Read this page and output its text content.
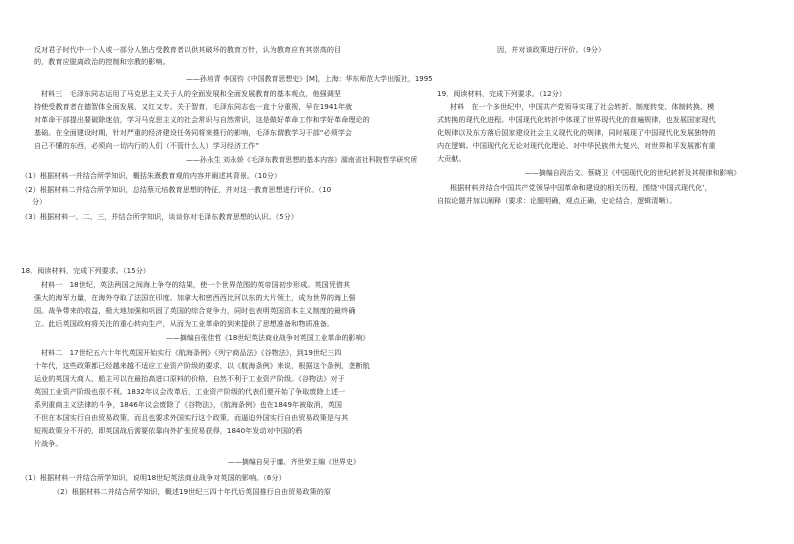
反对君子时代中一个人或一部分人独占受教育者以供其破坏的教育万针，认为教育应有其崇高的目
的，教育应脱离政治的控制和宗教的影响。
——孙培青 李国钧《中国教育思想史》[M]，上海：华东师范大学出版社，1995
材料三　毛泽东同志运用了马克思主义关于人的全面发展和全面发展教育的基本观点，他强调坚
持使受教育者在德智体全面发展，又红又专。关于智育，毛泽东同志也一直十分重视，早在1941年就
对革命干部提出要破除迷信，学习马克思主义的社会常识与自然常识，这是做好革命工作和学好革命理论的
基础。在全面建设时期，针对严重的经济建设任务同将来推行的影响，毛泽东谓教学习干部“必须学会
自己不懂的东西，必须向一切内行的人们（不管什么人）学习经济工作”
——孙永生 刘永娇《毛泽东教育思想的基本内容》湖南省社科院哲学研究所
（1）根据材料一并结合所学知识，概括朱熹教育观的内容并阐述其背景。（10分）
（2）根据材料二并结合所学知识，总结蔡元培教育思想的特征，并对这一教育思想进行评价。（10
分）
（3）根据材料一、二、三，并结合所学知识，谈谈你对毛泽东教育思想的认识。（5分）
18．阅读材料，完成下列要求。（15分）
材料一　18世纪，英法两国之间海上争夺的结果，使一个世界范围的英帝国初步形成。英国凭借其
强大的海军力量，在海外夺取了法国在印度、加拿大和密西西比河以东的大片领土，成为世界的海上强
国。战争带来的收益，极大地加强和巩固了英国的综合竞争力，同时也表明英国资本主义制度的最终确
立。此后英国政府将关注的重心转向生产，从而为工业革命的到来提供了思想准备和物质准备。
——摘编自张佳哲《18世纪英法商业战争对英国工业革命的影响》
材料二　17世纪五六十年代英国开始实行《航海条例》《列宁商品法》《谷物法》，到19世纪三四
十年代，这些政策都已经越来越不适应工业资产阶级的要求，以《航海条例》来说，根据这个条例，垄断航
运业的英国大商人、船主可以在最抬高进口原料的价格，自然不利于工业资产阶级。《谷物法》对于
英国工业资产阶级也很不利。1832年议会改革后，工业资产阶级的代表们便开始了争取废除上述一
系列重商主义法律的斗争，1846年议会废除了《谷物法》，《航海条例》也在1849年被取消，英国
不但在本国实行自由贸易政策，而且也要求外国实行这个政策，而逼迫外国实行自由贸易政策是与其
短视政策分不开的，即英国战后需要依靠向外扩张贸易获得，1840年发动对中国的鸦
片战争。
——摘编自吴于廑、齐世荣主编《世界史》
（1）根据材料一并结合所学知识，说明18世纪英法商业战争对英国的影响。（6分）
（2）根据材料二并结合所学知识，概述19世纪三四十年代后英国推行自由贸易政策的原
因，并对该政策进行评价。（9分）
19．阅读材料，完成下列要求。（12分）
材料　在一个多世纪中，中国共产党领导实现了社会转折、制度转变、体制转换、模
式转换的现代化进程。中国现代化转折中体现了世界现代化的普遍规律，也发展国家现代
化规律以及东方落后国家建设社会主义现代化的规律，同时展现了中国现代化发展独特的
内在逻辑。中国现代化无论对现代化理论、对中华民族伟大复兴、对世界和平发展都有重
大贡献。
——摘编自段治文、蔡晓卫《中国现代化的世纪转折及其规律和影响》
根据材料并结合中国共产党领导中国革命和建设的相关历程，围绕‘中国式现代化’，
自拟论题并加以阐释（要求：论题明确，观点正确，史论结合，逻辑清晰）。
